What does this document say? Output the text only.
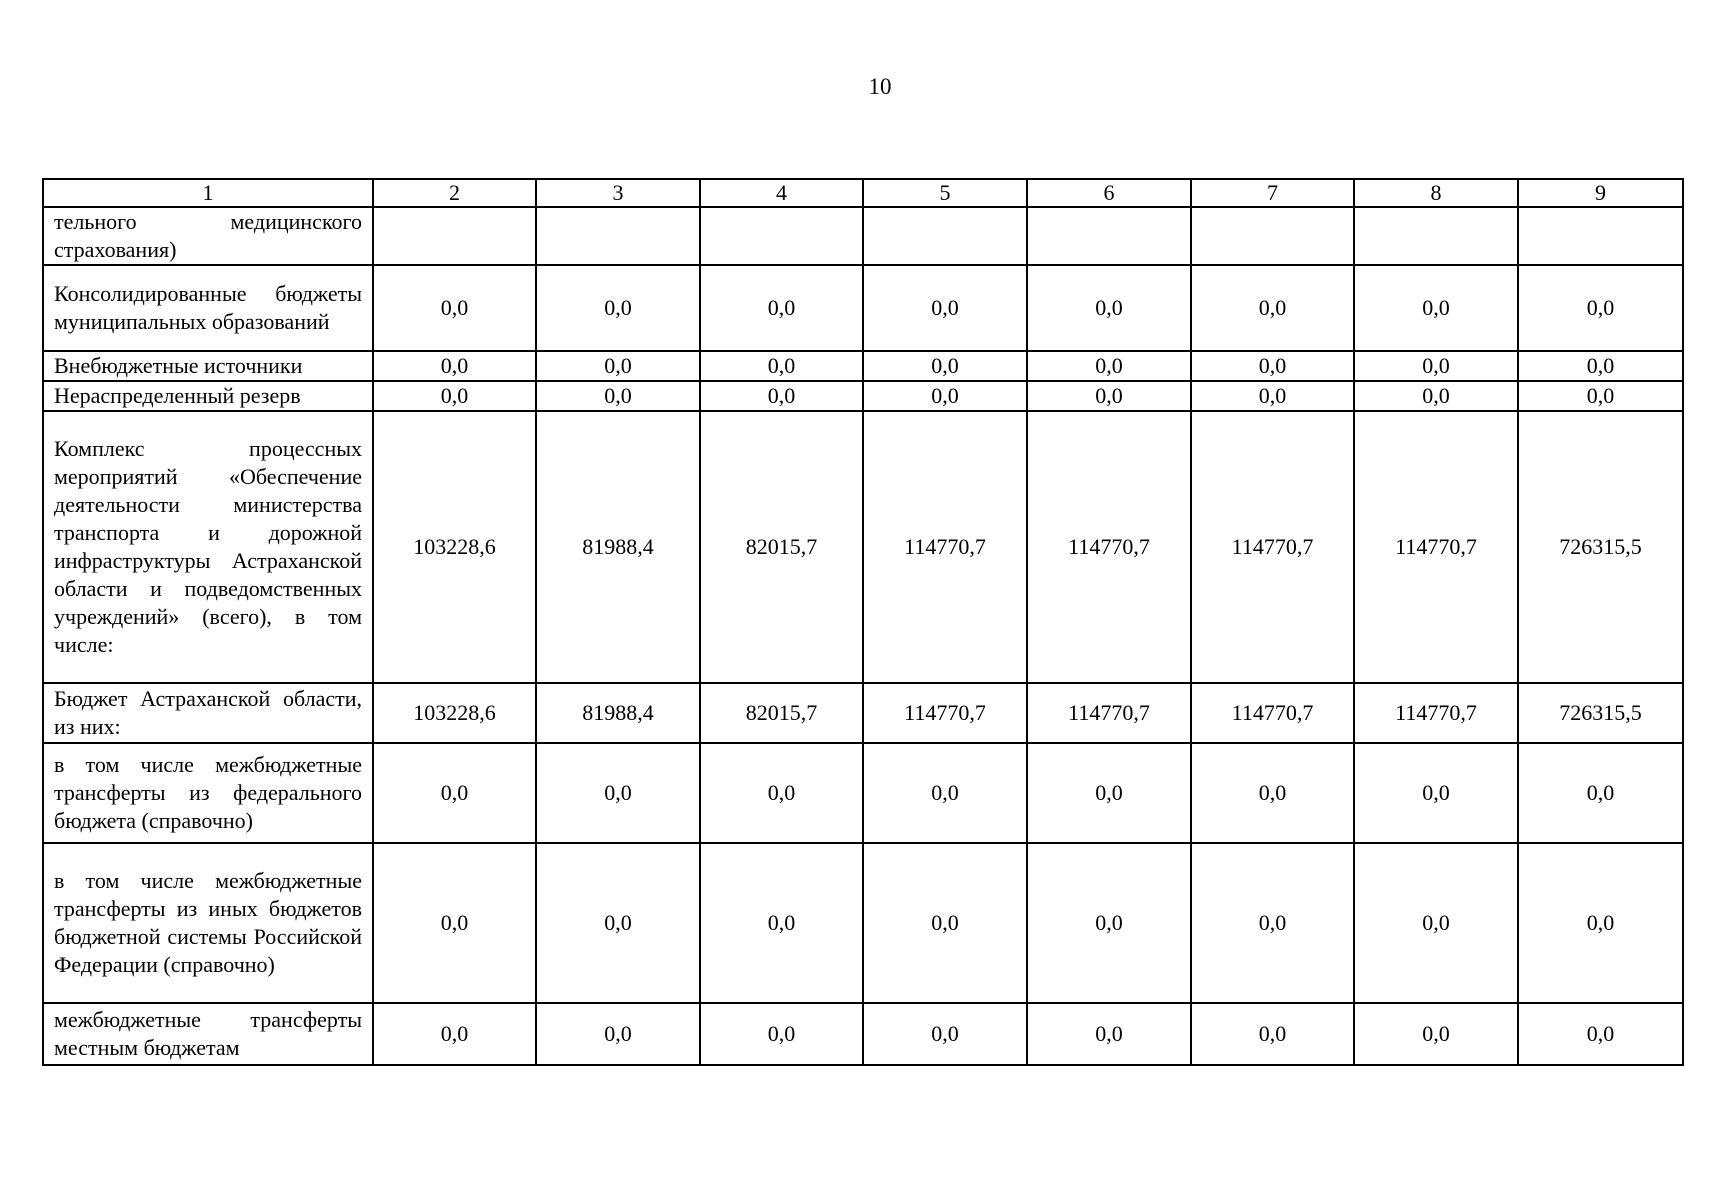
10
1	2	3	4	5	6	7	8	9
тельного медицинского страхования)								
Консолидированные бюджеты муниципальных образований	0,0	0,0	0,0	0,0	0,0	0,0	0,0	0,0
Внебюджетные источники	0,0	0,0	0,0	0,0	0,0	0,0	0,0	0,0
Нераспределенный резерв	0,0	0,0	0,0	0,0	0,0	0,0	0,0	0,0
Комплекс процессных мероприятий «Обеспечение деятельности министерства транспорта и дорожной инфраструктуры Астраханской области и подведомственных учреждений» (всего), в том числе:	103228,6	81988,4	82015,7	114770,7	114770,7	114770,7	114770,7	726315,5
Бюджет Астраханской области, из них:	103228,6	81988,4	82015,7	114770,7	114770,7	114770,7	114770,7	726315,5
в том числе межбюджетные трансферты из федерального бюджета (справочно)	0,0	0,0	0,0	0,0	0,0	0,0	0,0	0,0
в том числе межбюджетные трансферты из иных бюджетов бюджетной системы Российской Федерации (справочно)	0,0	0,0	0,0	0,0	0,0	0,0	0,0	0,0
межбюджетные трансферты местным бюджетам	0,0	0,0	0,0	0,0	0,0	0,0	0,0	0,0
